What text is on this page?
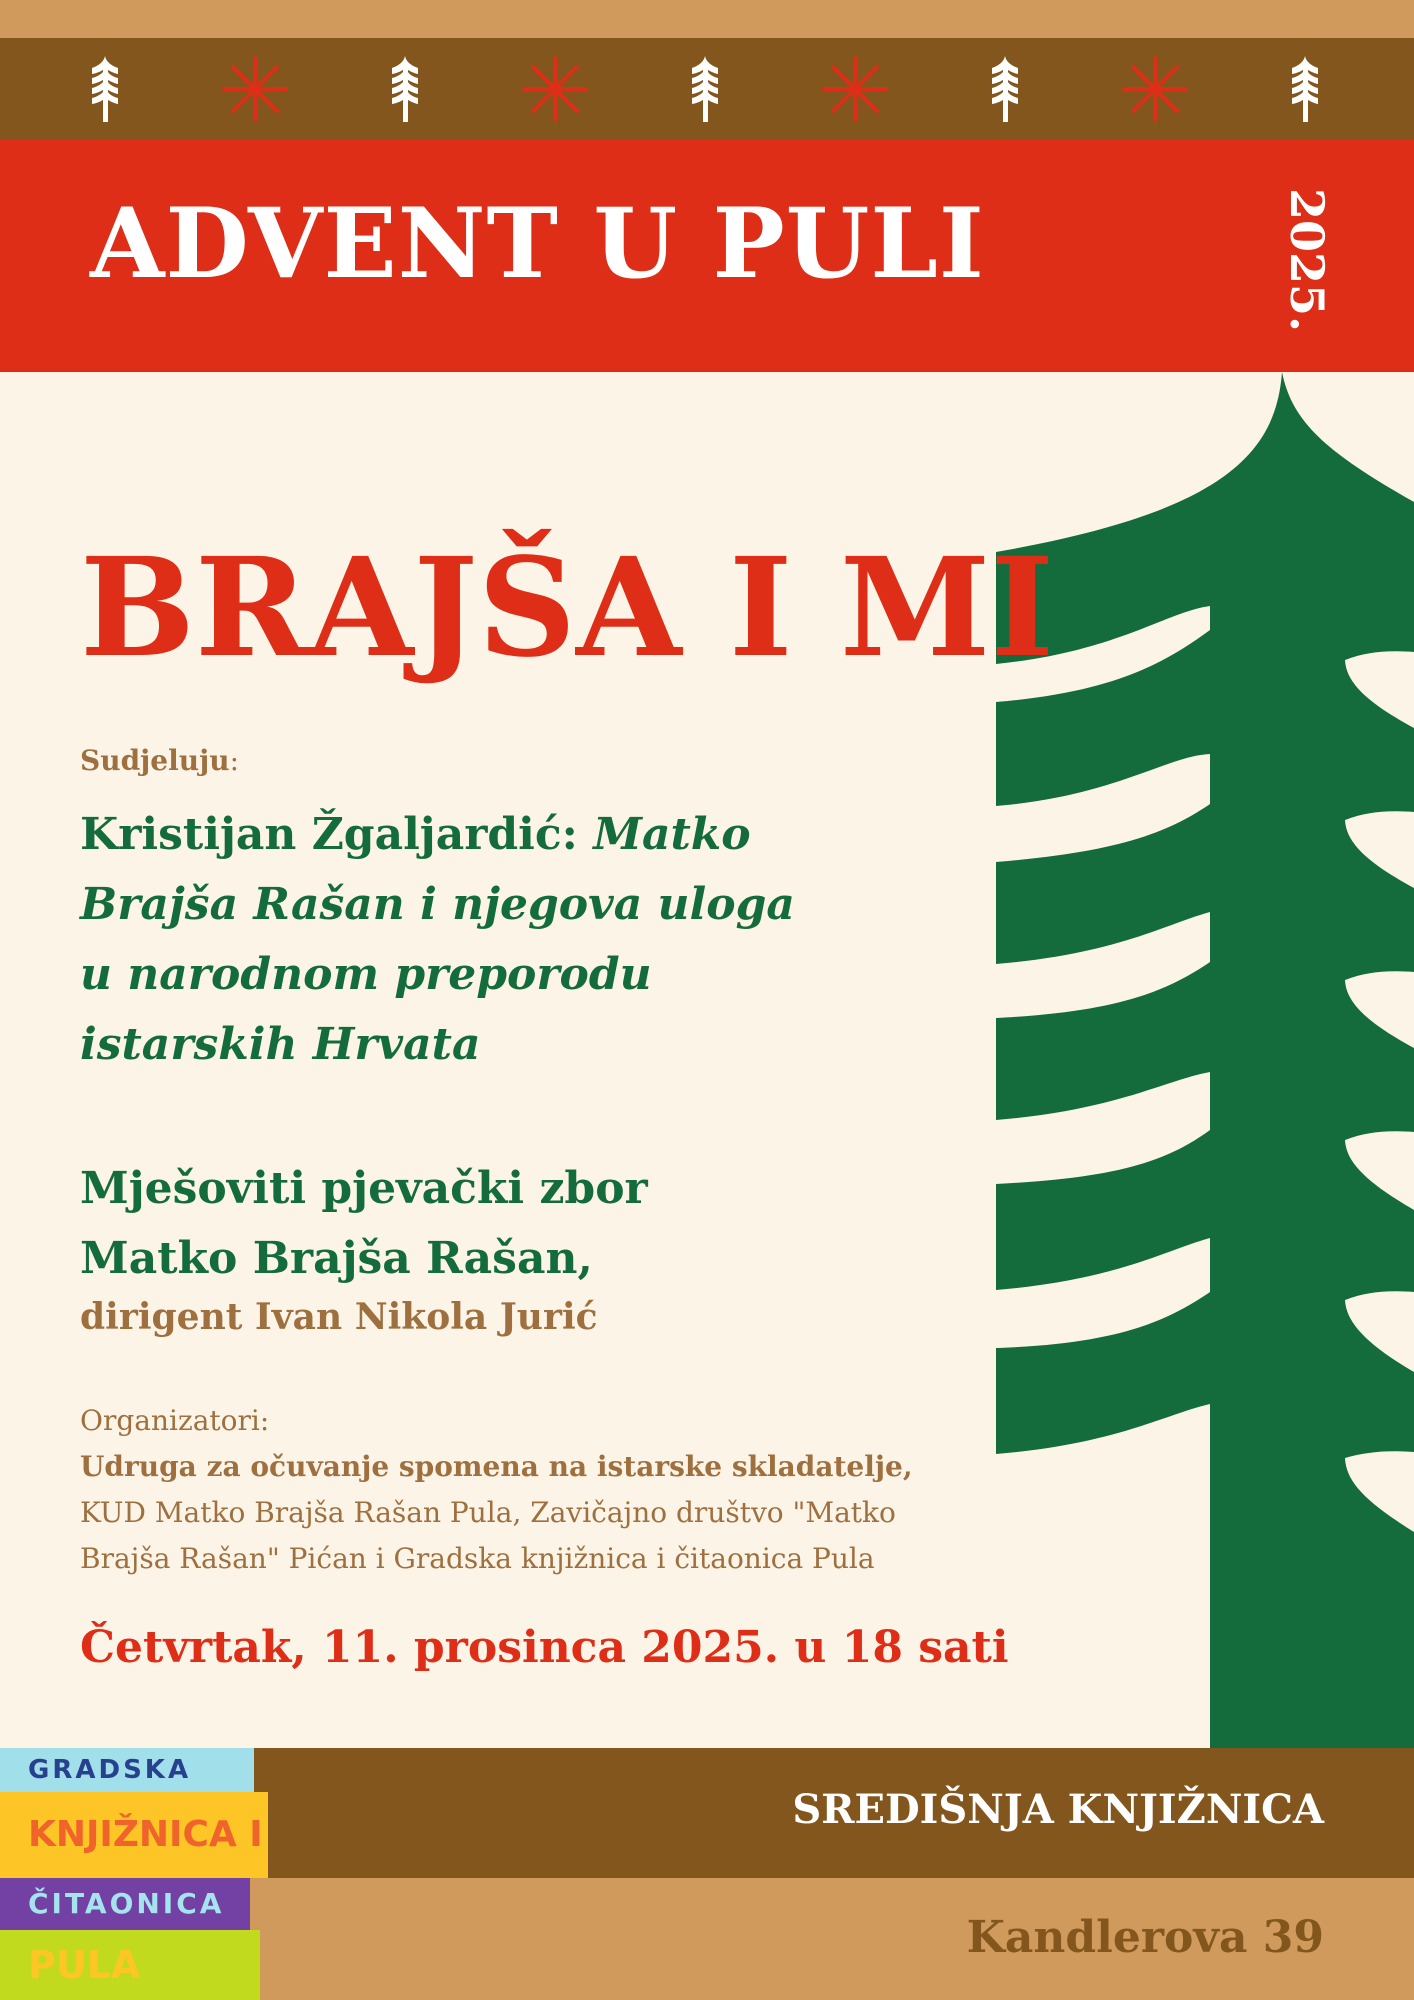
ADVENT U PULI	2025.
BRAJŠA I MI
Sudjeluju:
Kristijan Žgaljardić: Matko Brajša Rašan i njegova uloga u narodnom preporodu istarskih Hrvata
Mješoviti pjevački zbor
Matko Brajša Rašan,
dirigent Ivan Nikola Jurić
Organizatori:
Udruga za očuvanje spomena na istarske skladatelje,
KUD Matko Brajša Rašan Pula, Zavičajno društvo "Matko Brajša Rašan" Pićan i Gradska knjižnica i čitaonica Pula
Četvrtak, 11. prosinca 2025. u 18 sati
SREDIŠNJA KNJIŽNICA
Kandlerova 39
GRADSKA
KNJIŽNICA I
ČITAONICA
PULA
